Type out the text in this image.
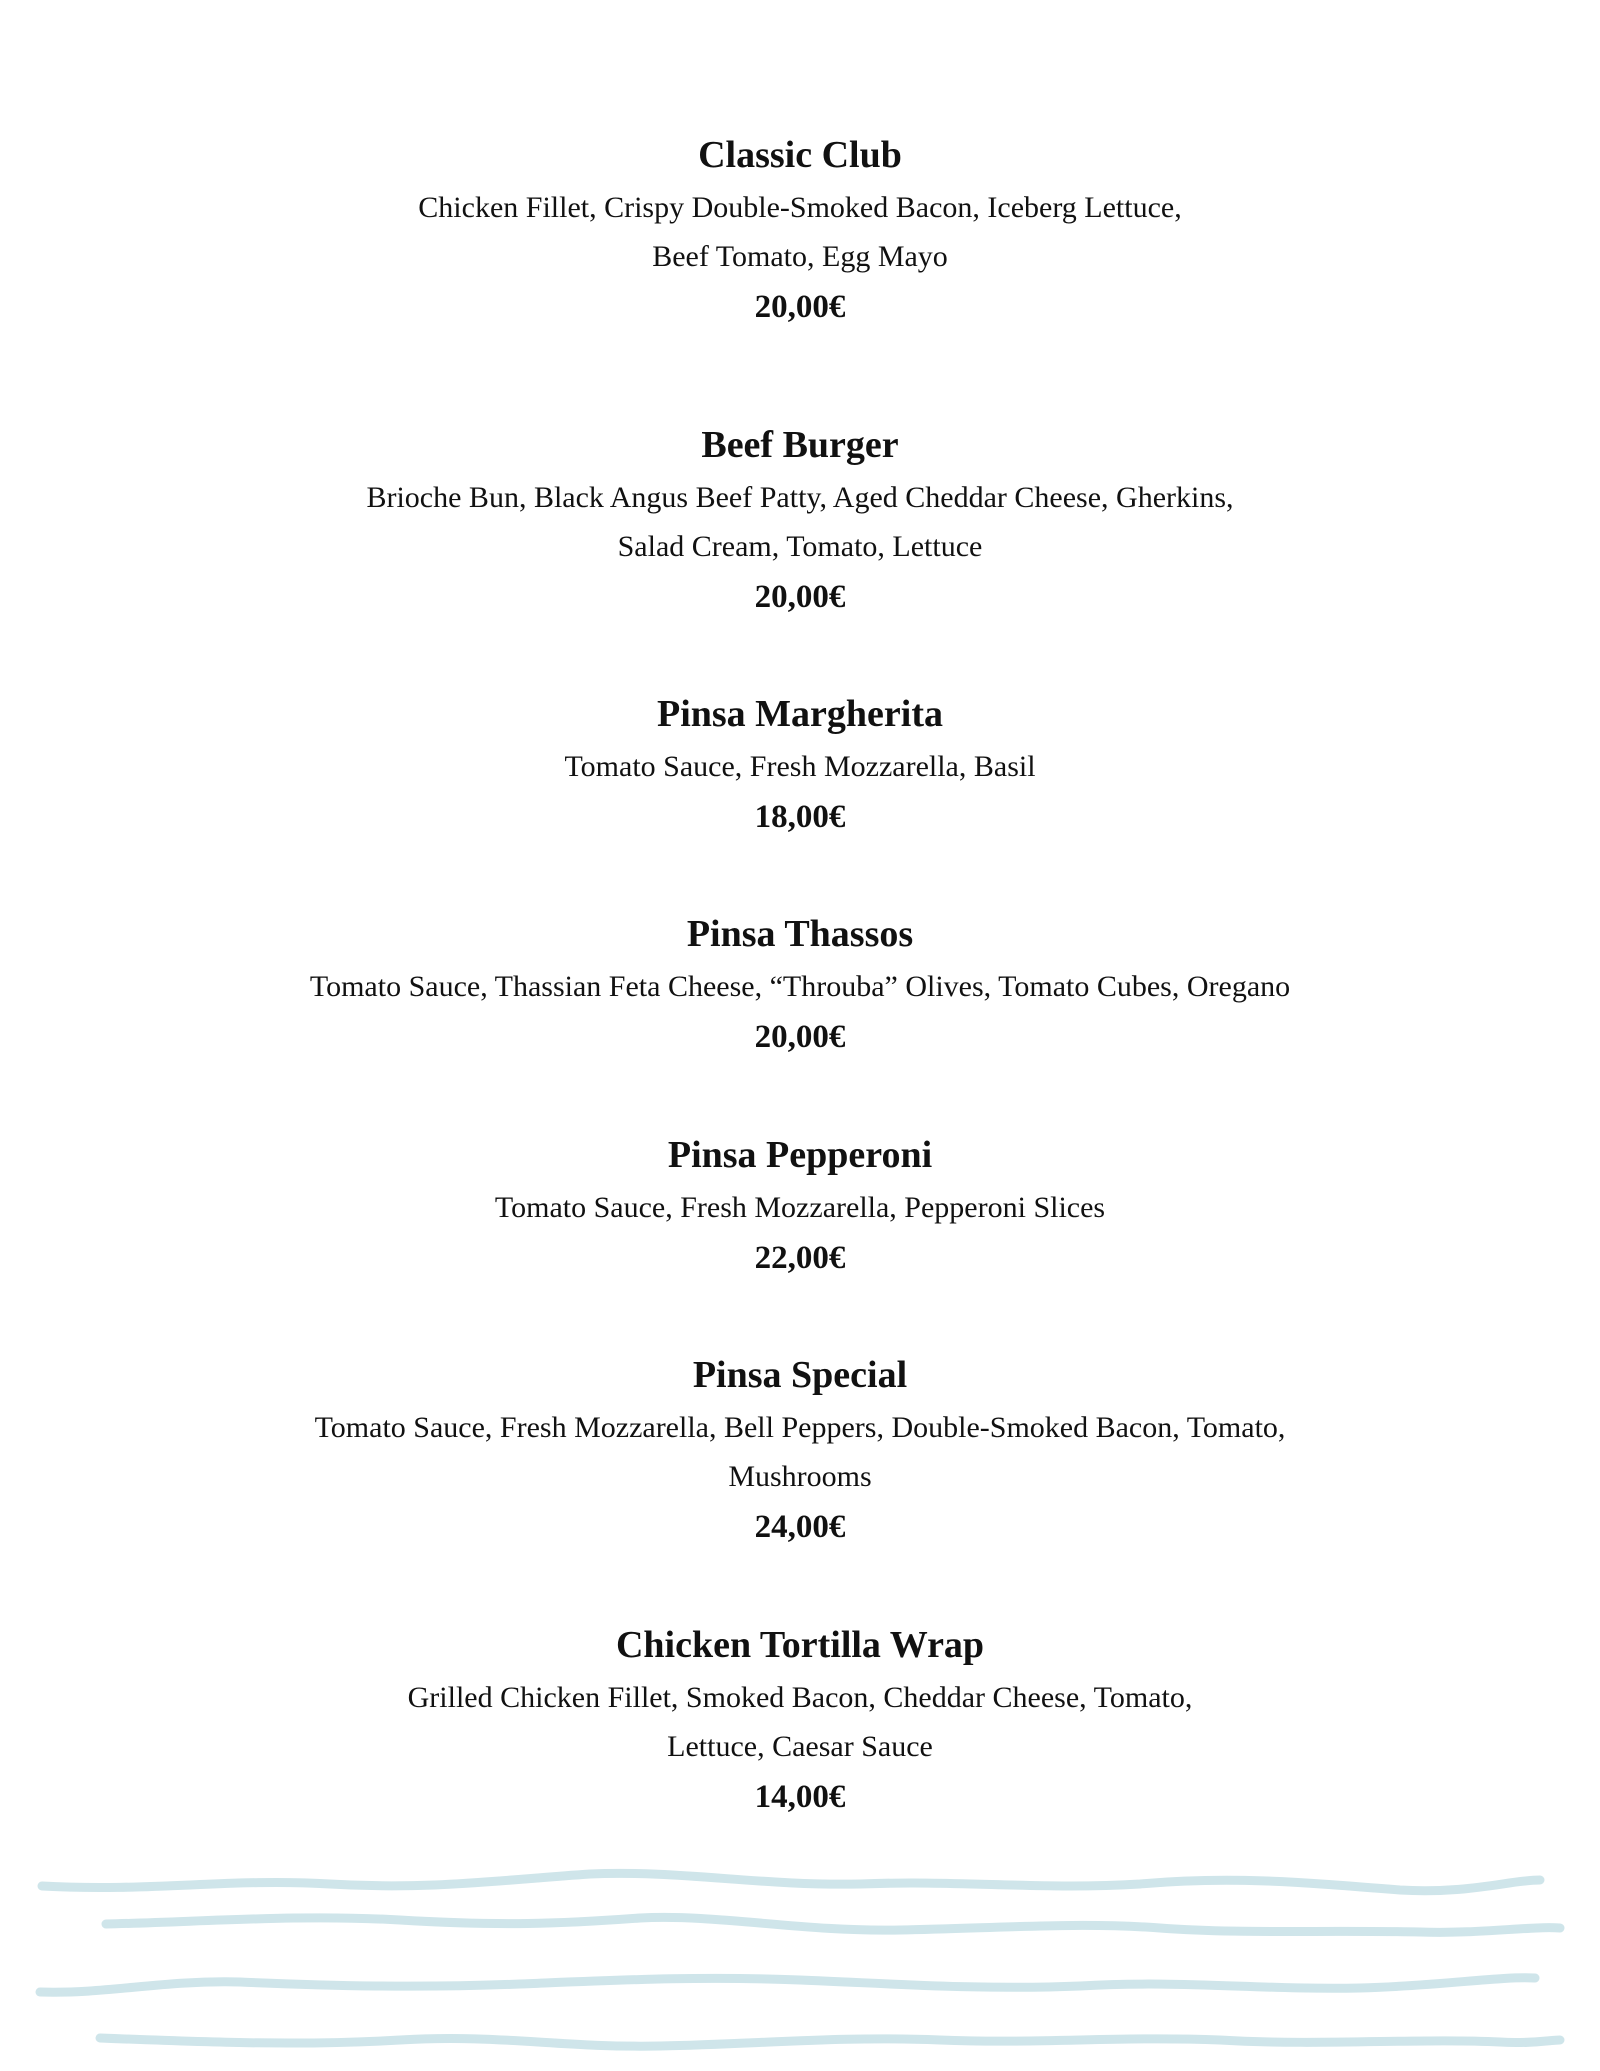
Classic Club
Chicken Fillet, Crispy Double-Smoked Bacon, Iceberg Lettuce,
Beef Tomato, Egg Mayo
20,00€
Beef Burger
Brioche Bun, Black Angus Beef Patty, Aged Cheddar Cheese, Gherkins,
Salad Cream, Tomato, Lettuce
20,00€
Pinsa Margherita
Tomato Sauce, Fresh Mozzarella, Basil
18,00€
Pinsa Thassos
Tomato Sauce, Thassian Feta Cheese, “Throuba” Olives, Tomato Cubes, Oregano
20,00€
Pinsa Pepperoni
Tomato Sauce, Fresh Mozzarella, Pepperoni Slices
22,00€
Pinsa Special
Tomato Sauce, Fresh Mozzarella, Bell Peppers, Double-Smoked Bacon, Tomato,
Mushrooms
24,00€
Chicken Tortilla Wrap
Grilled Chicken Fillet, Smoked Bacon, Cheddar Cheese, Tomato,
Lettuce, Caesar Sauce
14,00€
